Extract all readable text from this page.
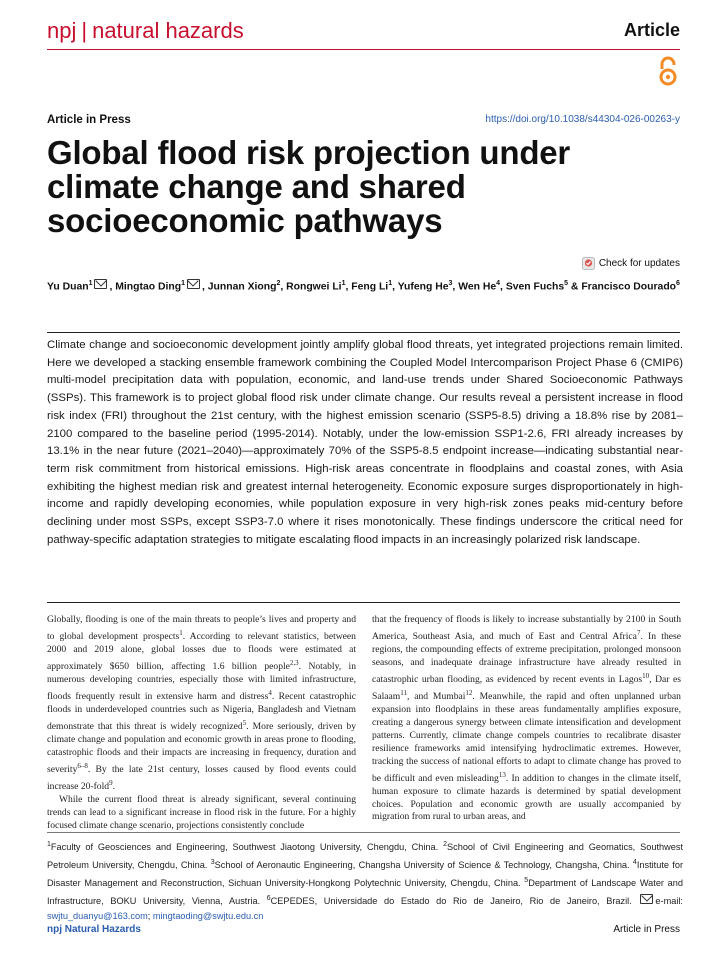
npj | natural hazards	Article
Article in Press	https://doi.org/10.1038/s44304-026-00263-y
Global flood risk projection under climate change and shared socioeconomic pathways
Check for updates
Yu Duan$^1$ , Mingtao Ding$^1$ , Junnan Xiong$^2$, Rongwei Li$^1$, Feng Li$^1$, Yufeng He$^3$, Wen He$^4$, Sven Fuchs$^5$ & Francisco Dourado$^6$

Climate change and socioeconomic development jointly amplify global flood threats, yet integrated projections remain limited. Here we developed a stacking ensemble framework combining the Coupled Model Intercomparison Project Phase 6 (CMIP6) multi-model precipitation data with population, economic, and land-use trends under Shared Socioeconomic Pathways (SSPs). This framework is to project global flood risk under climate change. Our results reveal a persistent increase in flood risk index (FRI) throughout the 21st century, with the highest emission scenario (SSP5-8.5) driving a 18.8% rise by 2081–2100 compared to the baseline period (1995-2014). Notably, under the low-emission SSP1-2.6, FRI already increases by 13.1% in the near future (2021–2040)—approximately 70% of the SSP5-8.5 endpoint increase—indicating substantial near-term risk commitment from historical emissions. High-risk areas concentrate in floodplains and coastal zones, with Asia exhibiting the highest median risk and greatest internal heterogeneity. Economic exposure surges disproportionately in high-income and rapidly developing economies, while population exposure in very high-risk zones peaks mid-century before declining under most SSPs, except SSP3-7.0 where it rises monotonically. These findings underscore the critical need for pathway-specific adaptation strategies to mitigate escalating flood impacts in an increasingly polarized risk landscape.

Globally, flooding is one of the main threats to people’s lives and property and to global development prospects$^1$. According to relevant statistics, between 2000 and 2019 alone, global losses due to floods were estimated at approximately $650 billion, affecting 1.6 billion people$^{2,3}$. Notably, in numerous developing countries, especially those with limited infrastructure, floods frequently result in extensive harm and distress$^4$. Recent catastrophic floods in underdeveloped countries such as Nigeria, Bangladesh and Vietnam demonstrate that this threat is widely recognized$^5$. More seriously, driven by climate change and population and economic growth in areas prone to flooding, catastrophic floods and their impacts are increasing in frequency, duration and severity$^{6-8}$. By the late 21st century, losses caused by flood events could increase 20-fold$^9$.

While the current flood threat is already significant, several continuing trends can lead to a significant increase in flood risk in the future. For a highly focused climate change scenario, projections consistently conclude

that the frequency of floods is likely to increase substantially by 2100 in South America, Southeast Asia, and much of East and Central Africa$^7$. In these regions, the compounding effects of extreme precipitation, prolonged monsoon seasons, and inadequate drainage infrastructure have already resulted in catastrophic urban flooding, as evidenced by recent events in Lagos$^{10}$, Dar es Salaam$^{11}$, and Mumbai$^{12}$. Meanwhile, the rapid and often unplanned urban expansion into floodplains in these areas fundamentally amplifies exposure, creating a dangerous synergy between climate intensification and development patterns. Currently, climate change compels countries to recalibrate disaster resilience frameworks amid intensifying hydroclimatic extremes. However, tracking the success of national efforts to adapt to climate change has proved to be difficult and even misleading$^{13}$. In addition to changes in the climate itself, human exposure to climate hazards is determined by spatial development choices. Population and economic growth are usually accompanied by migration from rural to urban areas, and

$^1$Faculty of Geosciences and Engineering, Southwest Jiaotong University, Chengdu, China. $^2$School of Civil Engineering and Geomatics, Southwest Petroleum University, Chengdu, China. $^3$School of Aeronautic Engineering, Changsha University of Science & Technology, Changsha, China. $^4$Institute for Disaster Management and Reconstruction, Sichuan University-Hongkong Polytechnic University, Chengdu, China. $^5$Department of Landscape Water and Infrastructure, BOKU University, Vienna, Austria. $^6$CEPEDES, Universidade do Estado do Rio de Janeiro, Rio de Janeiro, Brazil. e-mail: swjtu_duanyu@163.com; mingtaoding@swjtu.edu.cn

npj Natural Hazards	Article in Press
